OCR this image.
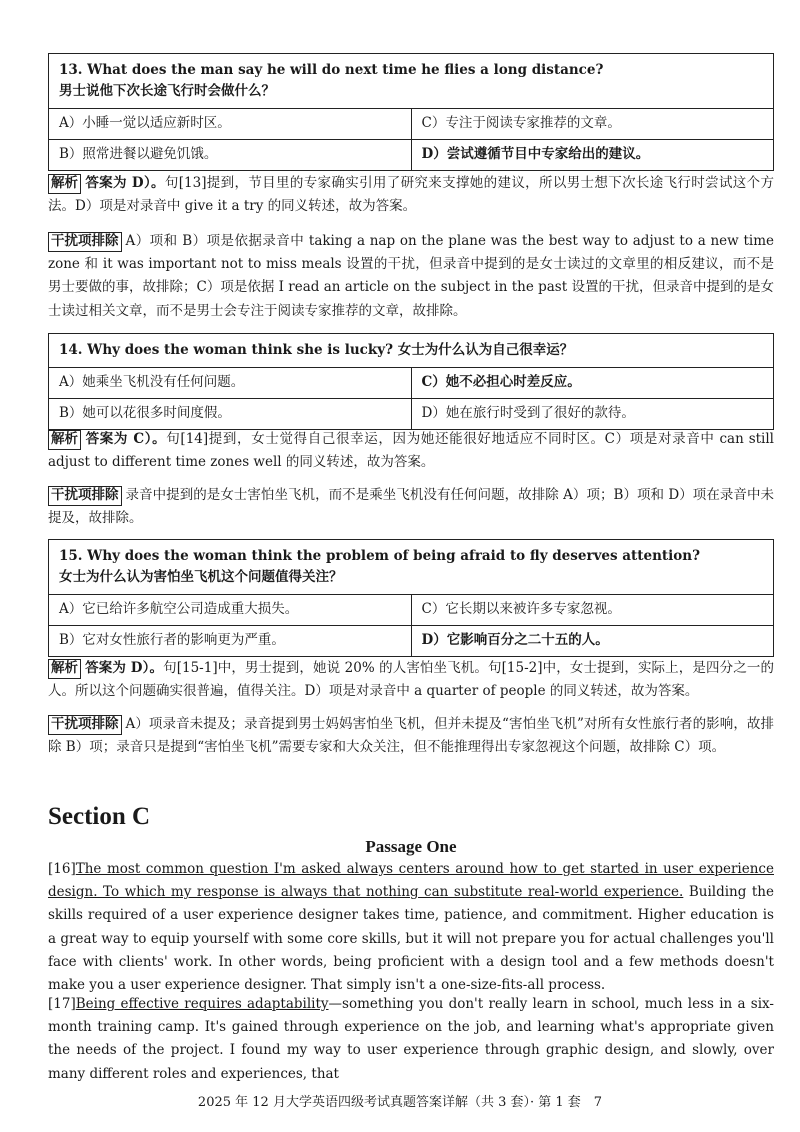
13. What does the man say he will do next time he flies a long distance?
男士说他下次长途飞行时会做什么？	
A）小睡一觉以适应新时区。	C）专注于阅读专家推荐的文章。
B）照常进餐以避免饥饿。	D）尝试遵循节目中专家给出的建议。
解析 答案为 D）。句[13]提到，节目里的专家确实引用了研究来支撑她的建议，所以男士想下次长途飞行时尝试这个方法。D）项是对录音中 give it a try 的同义转述，故为答案。
干扰项排除 A）项和 B）项是依据录音中 taking a nap on the plane was the best way to adjust to a new time zone 和 it was important not to miss meals 设置的干扰，但录音中提到的是女士读过的文章里的相反建议，而不是男士要做的事，故排除；C）项是依据 I read an article on the subject in the past 设置的干扰，但录音中提到的是女士读过相关文章，而不是男士会专注于阅读专家推荐的文章，故排除。
14. Why does the woman think she is lucky? 女士为什么认为自己很幸运？	
A）她乘坐飞机没有任何问题。	C）她不必担心时差反应。
B）她可以花很多时间度假。	D）她在旅行时受到了很好的款待。
解析 答案为 C）。句[14]提到，女士觉得自己很幸运，因为她还能很好地适应不同时区。C）项是对录音中 can still adjust to different time zones well 的同义转述，故为答案。
干扰项排除 录音中提到的是女士害怕坐飞机，而不是乘坐飞机没有任何问题，故排除 A）项；B）项和 D）项在录音中未提及，故排除。
15. Why does the woman think the problem of being afraid to fly deserves attention?
女士为什么认为害怕坐飞机这个问题值得关注？	
A）它已给许多航空公司造成重大损失。	C）它长期以来被许多专家忽视。
B）它对女性旅行者的影响更为严重。	D）它影响百分之二十五的人。
解析 答案为 D）。句[15-1]中，男士提到，她说 20% 的人害怕坐飞机。句[15-2]中，女士提到，实际上，是四分之一的人。所以这个问题确实很普遍，值得关注。D）项是对录音中 a quarter of people 的同义转述，故为答案。
干扰项排除 A）项录音未提及；录音提到男士妈妈害怕坐飞机，但并未提及“害怕坐飞机”对所有女性旅行者的影响，故排除 B）项；录音只是提到“害怕坐飞机”需要专家和大众关注，但不能推理得出专家忽视这个问题，故排除 C）项。
Section C
Passage One
[16]The most common question I'm asked always centers around how to get started in user experience design. To which my response is always that nothing can substitute real-world experience. Building the skills required of a user experience designer takes time, patience, and commitment. Higher education is a great way to equip yourself with some core skills, but it will not prepare you for actual challenges you'll face with clients' work. In other words, being proficient with a design tool and a few methods doesn't make you a user experience designer. That simply isn't a one-size-fits-all process.
[17]Being effective requires adaptability—something you don't really learn in school, much less in a six-month training camp. It's gained through experience on the job, and learning what's appropriate given the needs of the project. I found my way to user experience through graphic design, and slowly, over many different roles and experiences, that
2025 年 12 月大学英语四级考试真题答案详解（共 3 套）· 第 1 套　7
